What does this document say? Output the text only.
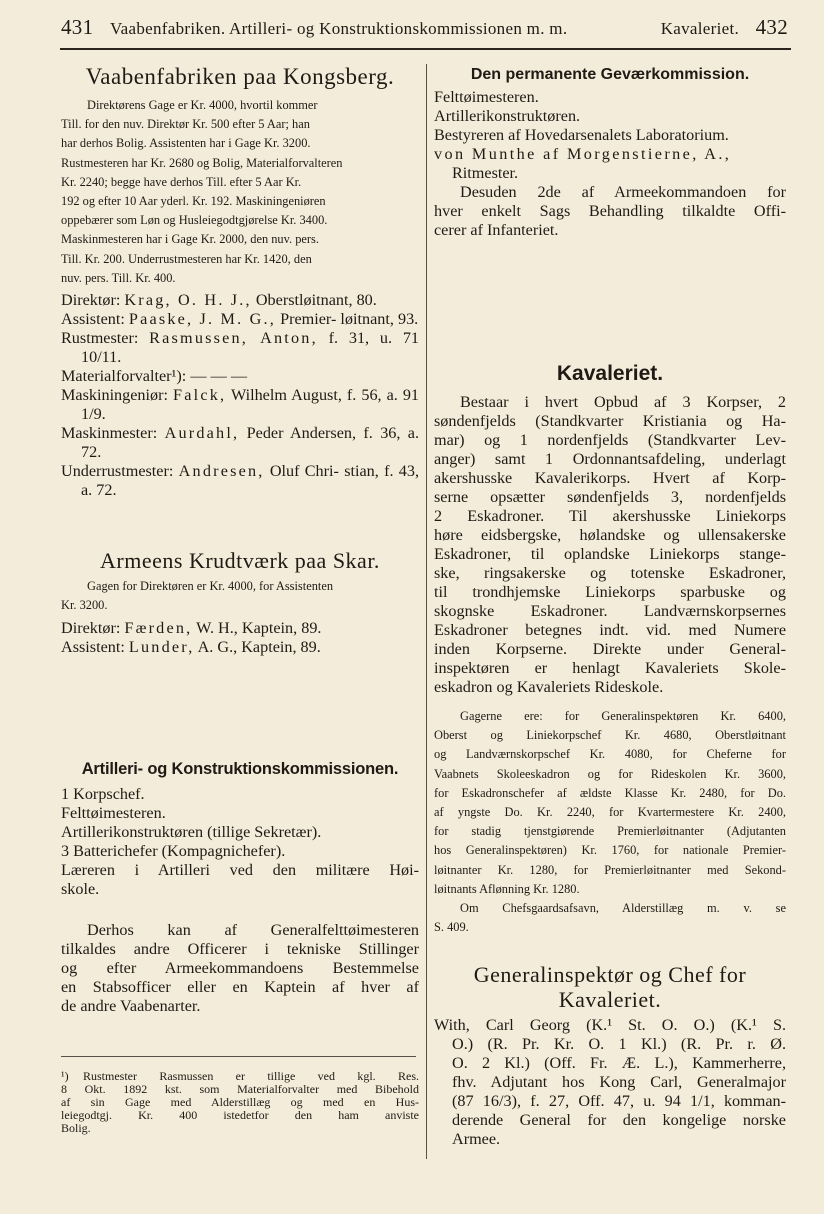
431 Vaabenfabriken. Artilleri- og Konstruktionskommissionen m. m.	Kavaleriet. 432
Vaabenfabriken paa Kongsberg.

Direktørens Gage er Kr. 4000, hvortil kommer

Till. for den nuv. Direktør Kr. 500 efter 5 Aar; han

har derhos Bolig. Assistenten har i Gage Kr. 3200.

Rustmesteren har Kr. 2680 og Bolig, Materialforvalteren

Kr. 2240; begge have derhos Till. efter 5 Aar Kr.

192 og efter 10 Aar yderl. Kr. 192. Maskiningeniøren

oppebærer som Løn og Husleiegodtgjørelse Kr. 3400.

Maskinmesteren har i Gage Kr. 2000, den nuv. pers.

Till. Kr. 200. Underrustmesteren har Kr. 1420, den

nuv. pers. Till. Kr. 400.

Direktør: Krag, O. H. J., Oberstløitnant, 80.

Assistent: Paaske, J. M. G., Premier- løitnant, 93.

Rustmester: Rasmussen, Anton, f. 31, u. 71 10/11.

Materialforvalter¹): — — —

Maskiningeniør: Falck, Wilhelm August, f. 56, a. 91 1/9.

Maskinmester: Aurdahl, Peder Andersen, f. 36, a. 72.

Underrustmester: Andresen, Oluf Chri- stian, f. 43, a. 72.

Armeens Krudtværk paa Skar.

Gagen for Direktøren er Kr. 4000, for Assistenten

Kr. 3200.

Direktør: Færden, W. H., Kaptein, 89.

Assistent: Lunder, A. G., Kaptein, 89.

Artilleri- og Konstruktionskommissionen.

1 Korpschef.

Felttøimesteren.

Artillerikonstruktøren (tillige Sekretær).

3 Batterichefer (Kompagnichefer).

Læreren i Artilleri ved den militære Høi-

skole.

Derhos kan af Generalfelttøimesteren

tilkaldes andre Officerer i tekniske Stillinger

og efter Armeekommandoens Bestemmelse

en Stabsofficer eller en Kaptein af hver af

de andre Vaabenarter.

¹)	Rustmester Rasmussen er tillige ved kgl. Res.

8 Okt. 1892 kst. som Materialforvalter med Bibehold

af sin Gage med Alderstillæg og med en Hus-

leiegodtgj. Kr. 400 istedetfor den ham anviste

Bolig.

Den permanente Geværkommission.

Felttøimesteren.

Artillerikonstruktøren.

Bestyreren af Hovedarsenalets Laboratorium.

von Munthe af Morgenstierne, A.,

Ritmester.

Desuden 2de af Armeekommandoen for

hver enkelt Sags Behandling tilkaldte Offi-

cerer af Infanteriet.

Kavaleriet.

Bestaar i hvert Opbud af 3 Korpser, 2

søndenfjelds (Standkvarter Kristiania og Ha-

mar) og 1 nordenfjelds (Standkvarter Lev-

anger) samt 1 Ordonnantsafdeling, underlagt

akershusske Kavalerikorps. Hvert af Korp-

serne opsætter søndenfjelds 3, nordenfjelds

2 Eskadroner. Til akershusske Liniekorps

høre eidsbergske, hølandske og ullensakerske

Eskadroner, til oplandske Liniekorps stange-

ske, ringsakerske og totenske Eskadroner,

til trondhjemske Liniekorps sparbuske og

skognske Eskadroner. Landværnskorpsernes

Eskadroner betegnes indt. vid. med Numere

inden Korpserne. Direkte under General-

inspektøren er henlagt Kavaleriets Skole-

eskadron og Kavaleriets Rideskole.

Gagerne ere: for Generalinspektøren Kr. 6400,

Oberst og Liniekorpschef Kr. 4680, Oberstløitnant

og Landværnskorpschef Kr. 4080, for Cheferne for

Vaabnets Skoleeskadron og for Rideskolen Kr. 3600,

for Eskadronschefer af ældste Klasse Kr. 2480, for Do.

af yngste Do. Kr. 2240, for Kvartermestere Kr. 2400,

for stadig tjenstgiørende Premierløitnanter (Adjutanten

hos Generalinspektøren) Kr. 1760, for nationale Premier-

løitnanter Kr. 1280, for Premierløitnanter med Sekond-

løitnants Aflønning Kr. 1280.

Om Chefsgaardsafsavn, Alderstillæg m. v. se

S. 409.

Generalinspektør og Chef for
Kavaleriet.

With, Carl Georg (K.¹ St. O. O.) (K.¹ S.

O.) (R. Pr. Kr. O. 1 Kl.) (R. Pr. r. Ø.

O. 2 Kl.) (Off. Fr. Æ. L.), Kammerherre,

fhv. Adjutant hos Kong Carl, Generalmajor

(87 16/3), f. 27, Off. 47, u. 94 1/1, komman-

derende General for den kongelige norske

Armee.
